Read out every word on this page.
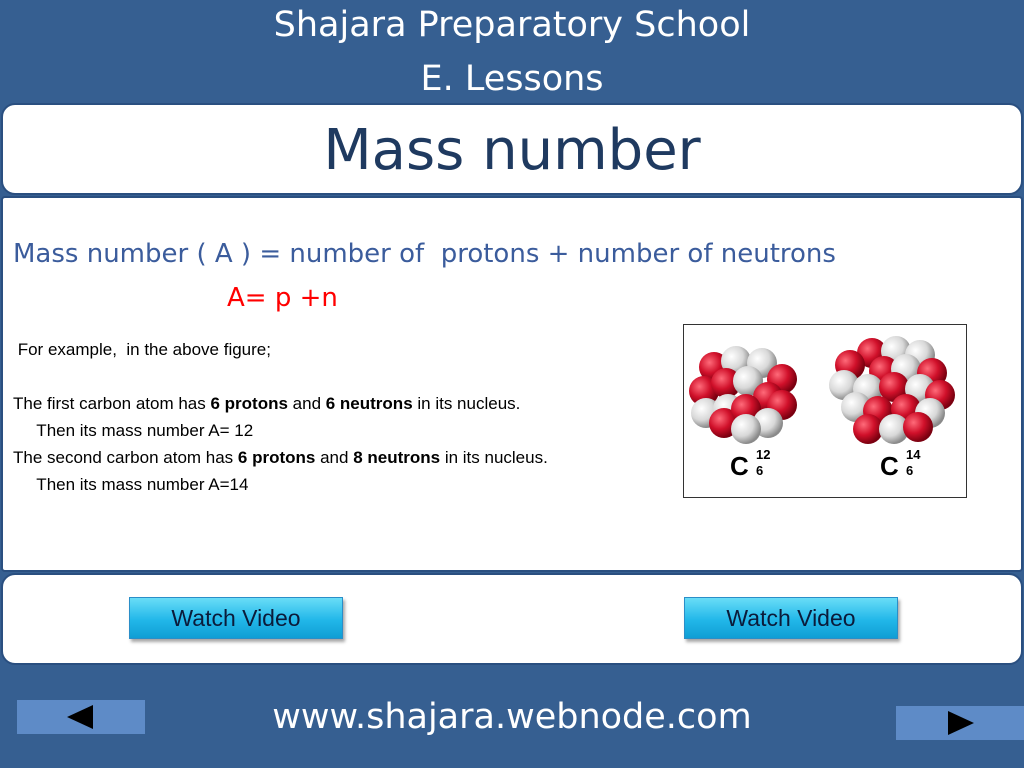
Shajara Preparatory School
E. Lessons
Mass number
Mass number ( A ) = number of  protons + number of neutrons
A= p +n
For example,  in the above figure;
The first carbon atom has 6 protons and 6 neutrons in its nucleus.
Then its mass number A= 12
The second carbon atom has 6 protons and 8 neutrons in its nucleus.
Then its mass number A=14
C 12
6	C 14
6
Watch Video	Watch Video
www.shajara.webnode.com
